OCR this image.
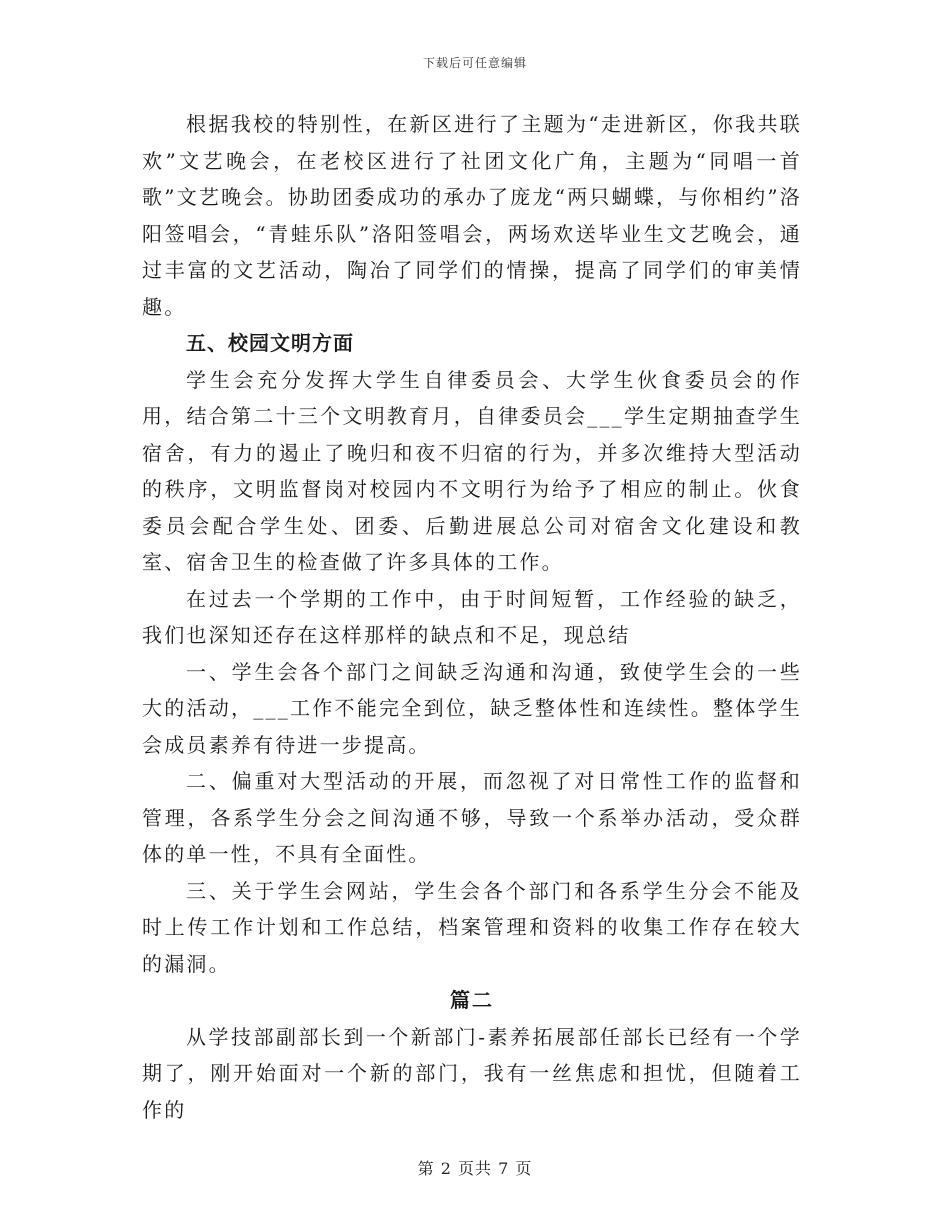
下载后可任意编辑

根据我校的特别性，在新区进行了主题为“走进新区，你我共联欢”文艺晚会，在老校区进行了社团文化广角，主题为“同唱一首歌”文艺晚会。协助团委成功的承办了庞龙“两只蝴蝶，与你相约”洛阳签唱会，“青蛙乐队”洛阳签唱会，两场欢送毕业生文艺晚会，通过丰富的文艺活动，陶冶了同学们的情操，提高了同学们的审美情趣。

五、校园文明方面

学生会充分发挥大学生自律委员会、大学生伙食委员会的作用，结合第二十三个文明教育月，自律委员会___学生定期抽查学生宿舍，有力的遏止了晚归和夜不归宿的行为，并多次维持大型活动的秩序，文明监督岗对校园内不文明行为给予了相应的制止。伙食委员会配合学生处、团委、后勤进展总公司对宿舍文化建设和教室、宿舍卫生的检查做了许多具体的工作。

在过去一个学期的工作中，由于时间短暂，工作经验的缺乏，我们也深知还存在这样那样的缺点和不足，现总结

一、学生会各个部门之间缺乏沟通和沟通，致使学生会的一些大的活动，___工作不能完全到位，缺乏整体性和连续性。整体学生会成员素养有待进一步提高。

二、偏重对大型活动的开展，而忽视了对日常性工作的监督和管理，各系学生分会之间沟通不够，导致一个系举办活动，受众群体的单一性，不具有全面性。

三、关于学生会网站，学生会各个部门和各系学生分会不能及时上传工作计划和工作总结，档案管理和资料的收集工作存在较大的漏洞。

篇二

从学技部副部长到一个新部门-素养拓展部任部长已经有一个学期了，刚开始面对一个新的部门，我有一丝焦虑和担忧，但随着工作的

第 2 页共 7 页
